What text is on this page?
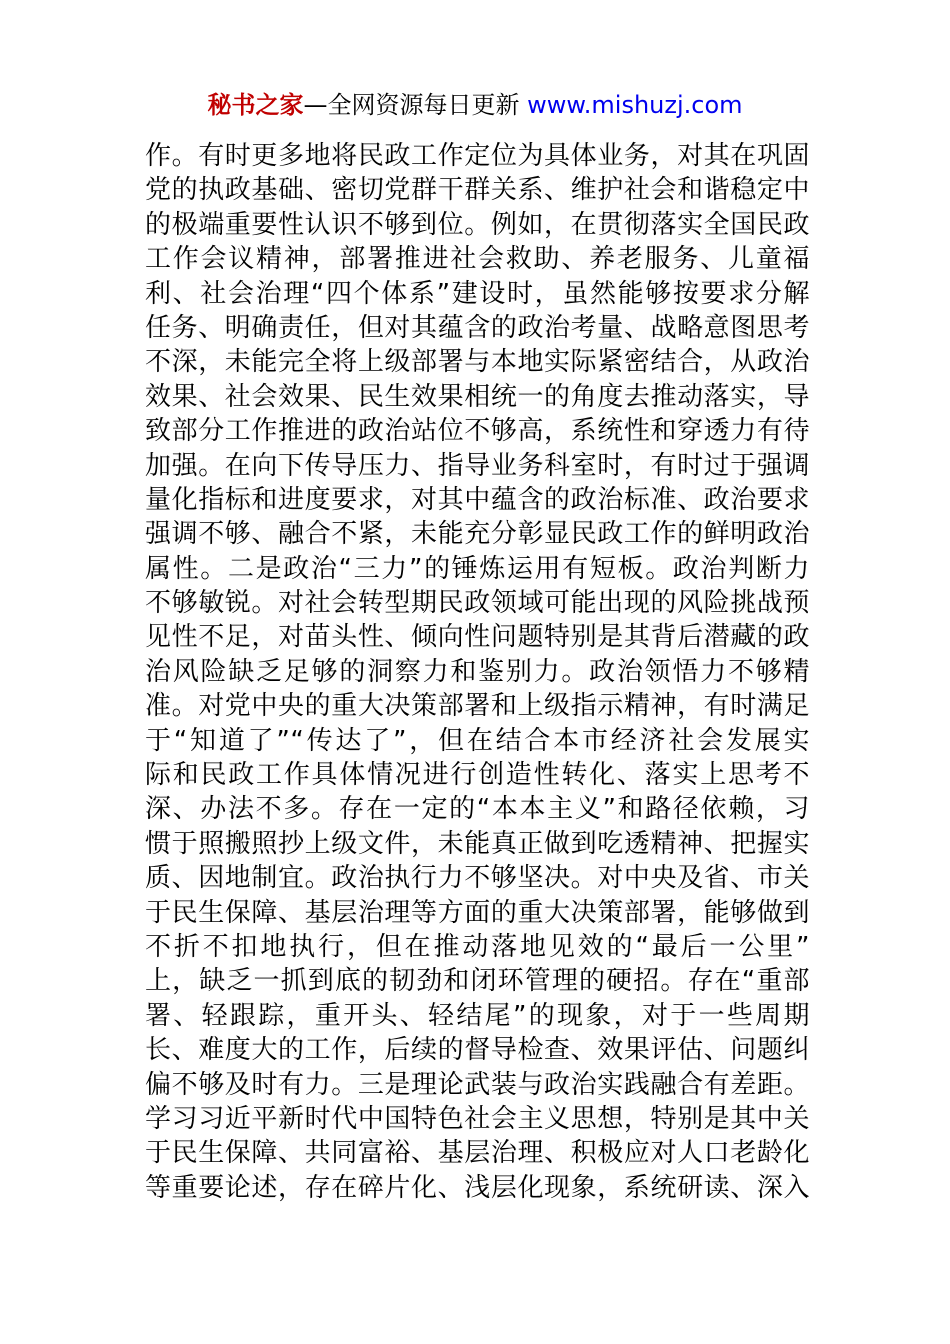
秘书之家—全网资源每日更新 www.mishuzj.com
作。有时更多地将民政工作定位为具体业务，对其在巩固
党的执政基础、密切党群干群关系、维护社会和谐稳定中
的极端重要性认识不够到位。例如，在贯彻落实全国民政
工作会议精神，部署推进社会救助、养老服务、儿童福
利、社会治理“四个体系”建设时，虽然能够按要求分解
任务、明确责任，但对其蕴含的政治考量、战略意图思考
不深，未能完全将上级部署与本地实际紧密结合，从政治
效果、社会效果、民生效果相统一的角度去推动落实，导
致部分工作推进的政治站位不够高，系统性和穿透力有待
加强。在向下传导压力、指导业务科室时，有时过于强调
量化指标和进度要求，对其中蕴含的政治标准、政治要求
强调不够、融合不紧，未能充分彰显民政工作的鲜明政治
属性。二是政治“三力”的锤炼运用有短板。政治判断力
不够敏锐。对社会转型期民政领域可能出现的风险挑战预
见性不足，对苗头性、倾向性问题特别是其背后潜藏的政
治风险缺乏足够的洞察力和鉴别力。政治领悟力不够精
准。对党中央的重大决策部署和上级指示精神，有时满足
于“知道了”“传达了”，但在结合本市经济社会发展实
际和民政工作具体情况进行创造性转化、落实上思考不
深、办法不多。存在一定的“本本主义”和路径依赖，习
惯于照搬照抄上级文件，未能真正做到吃透精神、把握实
质、因地制宜。政治执行力不够坚决。对中央及省、市关
于民生保障、基层治理等方面的重大决策部署，能够做到
不折不扣地执行，但在推动落地见效的“最后一公里”
上，缺乏一抓到底的韧劲和闭环管理的硬招。存在“重部
署、轻跟踪，重开头、轻结尾”的现象，对于一些周期
长、难度大的工作，后续的督导检查、效果评估、问题纠
偏不够及时有力。三是理论武装与政治实践融合有差距。
学习习近平新时代中国特色社会主义思想，特别是其中关
于民生保障、共同富裕、基层治理、积极应对人口老龄化
等重要论述，存在碎片化、浅层化现象，系统研读、深入
